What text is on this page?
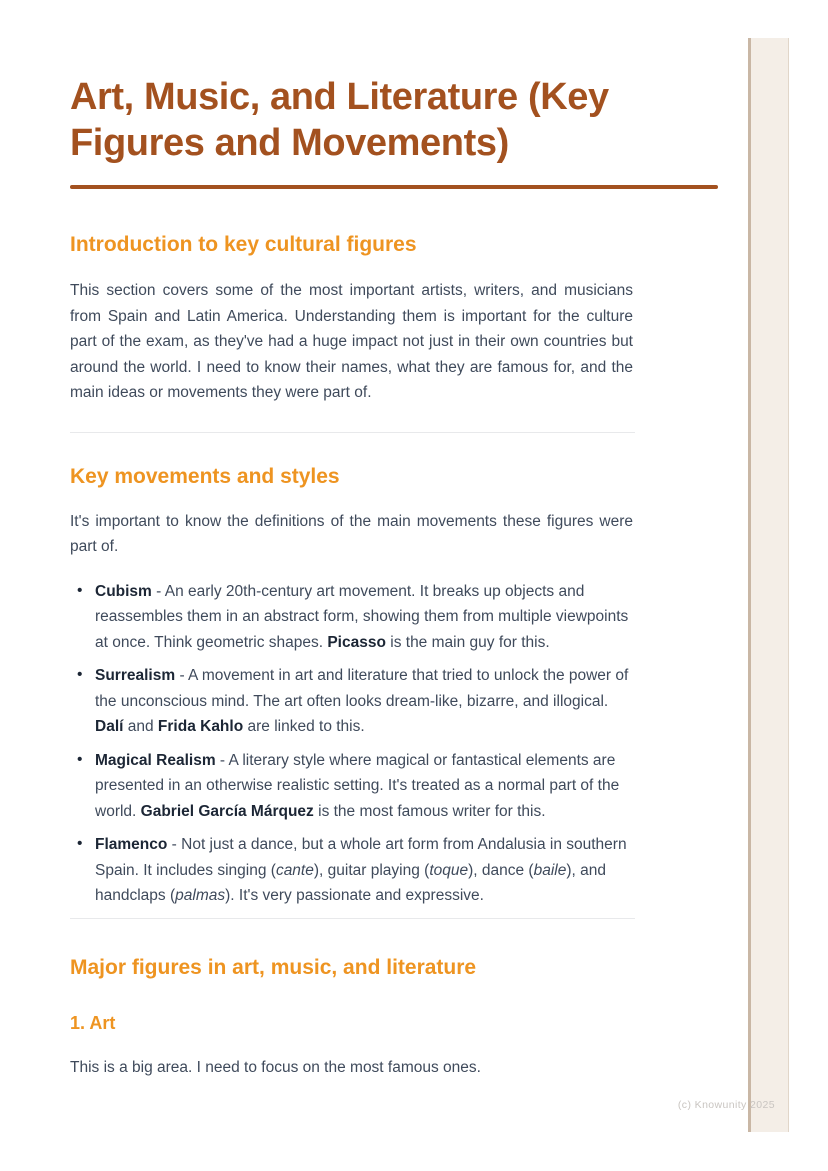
Art, Music, and Literature (Key Figures and Movements)
Introduction to key cultural figures

This section covers some of the most important artists, writers, and musicians from Spain and Latin America. Understanding them is important for the culture part of the exam, as they've had a huge impact not just in their own countries but around the world. I need to know their names, what they are famous for, and the main ideas or movements they were part of.

Key movements and styles

It's important to know the definitions of the main movements these figures were part of.

• Cubism - An early 20th-century art movement. It breaks up objects and reassembles them in an abstract form, showing them from multiple viewpoints at once. Think geometric shapes. Picasso is the main guy for this.
• Surrealism - A movement in art and literature that tried to unlock the power of the unconscious mind. The art often looks dream-like, bizarre, and illogical. Dalí and Frida Kahlo are linked to this.
• Magical Realism - A literary style where magical or fantastical elements are presented in an otherwise realistic setting. It's treated as a normal part of the world. Gabriel García Márquez is the most famous writer for this.
• Flamenco - Not just a dance, but a whole art form from Andalusia in southern Spain. It includes singing (cante), guitar playing (toque), dance (baile), and handclaps (palmas). It's very passionate and expressive.
Major figures in art, music, and literature
1. Art

This is a big area. I need to focus on the most famous ones.

(c) Knowunity 2025
